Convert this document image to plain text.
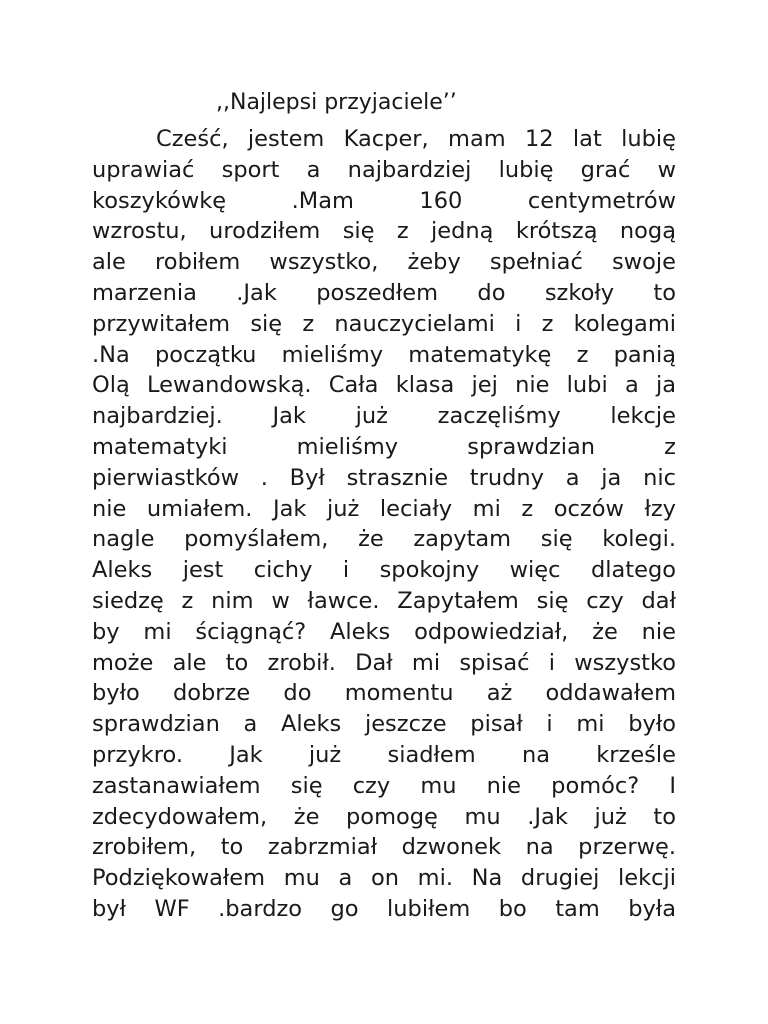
,,Najlepsi przyjaciele’’
Cześć, jestem Kacper, mam 12 lat lubię
uprawiać sport a najbardziej lubię grać w
koszykówkę .Mam 160 centymetrów
wzrostu, urodziłem się z jedną krótszą nogą
ale robiłem wszystko, żeby spełniać swoje
marzenia .Jak poszedłem do szkoły to
przywitałem się z nauczycielami i z kolegami
.Na początku mieliśmy matematykę z panią
Olą Lewandowską. Cała klasa jej nie lubi a ja
najbardziej. Jak już zaczęliśmy lekcje
matematyki mieliśmy sprawdzian z
pierwiastków . Był strasznie trudny a ja nic
nie umiałem. Jak już leciały mi z oczów łzy
nagle pomyślałem, że zapytam się kolegi.
Aleks jest cichy i spokojny więc dlatego
siedzę z nim w ławce. Zapytałem się czy dał
by mi ściągnąć? Aleks odpowiedział, że nie
może ale to zrobił. Dał mi spisać i wszystko
było dobrze do momentu aż oddawałem
sprawdzian a Aleks jeszcze pisał i mi było
przykro. Jak już siadłem na krześle
zastanawiałem się czy mu nie pomóc? I
zdecydowałem, że pomogę mu .Jak już to
zrobiłem, to zabrzmiał dzwonek na przerwę.
Podziękowałem mu a on mi. Na drugiej lekcji
był WF .bardzo go lubiłem bo tam była
